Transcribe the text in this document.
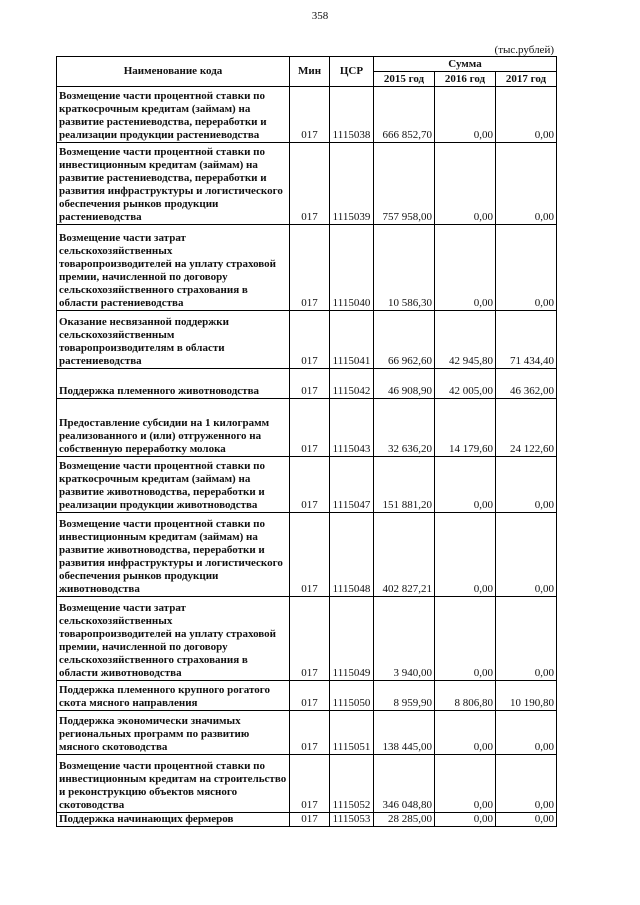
358
(тыс.рублей)
Наименование кода	Мин	ЦСР	Сумма		
			2015 год	2016 год	2017 год
Возмещение части процентной ставки по краткосрочным кредитам (займам) на развитие растениеводства, переработки и реализации продукции растениеводства	017	1115038	666 852,70	0,00	0,00
Возмещение части процентной ставки по инвестиционным кредитам (займам) на развитие растениеводства, переработки и развития инфраструктуры и логистического обеспечения рынков продукции растениеводства	017	1115039	757 958,00	0,00	0,00
Возмещение части затрат сельскохозяйственных товаропроизводителей на уплату страховой премии, начисленной по договору сельскохозяйственного страхования в области растениеводства	017	1115040	10 586,30	0,00	0,00
Оказание несвязанной поддержки сельскохозяйственным товаропроизводителям в области растениеводства	017	1115041	66 962,60	42 945,80	71 434,40
Поддержка племенного животноводства	017	1115042	46 908,90	42 005,00	46 362,00
Предоставление субсидии на 1 килограмм реализованного и (или) отгруженного на собственную переработку молока	017	1115043	32 636,20	14 179,60	24 122,60
Возмещение части процентной ставки по краткосрочным кредитам (займам) на развитие животноводства, переработки и реализации продукции животноводства	017	1115047	151 881,20	0,00	0,00
Возмещение части процентной ставки по инвестиционным кредитам (займам) на развитие животноводства, переработки и развития инфраструктуры и логистического обеспечения рынков продукции животноводства	017	1115048	402 827,21	0,00	0,00
Возмещение части затрат сельскохозяйственных товаропроизводителей на уплату страховой премии, начисленной по договору сельскохозяйственного страхования в области животноводства	017	1115049	3 940,00	0,00	0,00
Поддержка племенного крупного рогатого скота мясного направления	017	1115050	8 959,90	8 806,80	10 190,80
Поддержка экономически значимых региональных программ по развитию мясного скотоводства	017	1115051	138 445,00	0,00	0,00
Возмещение части процентной ставки по инвестиционным кредитам на строительство и реконструкцию объектов мясного скотоводства	017	1115052	346 048,80	0,00	0,00
Поддержка начинающих фермеров	017	1115053	28 285,00	0,00	0,00
